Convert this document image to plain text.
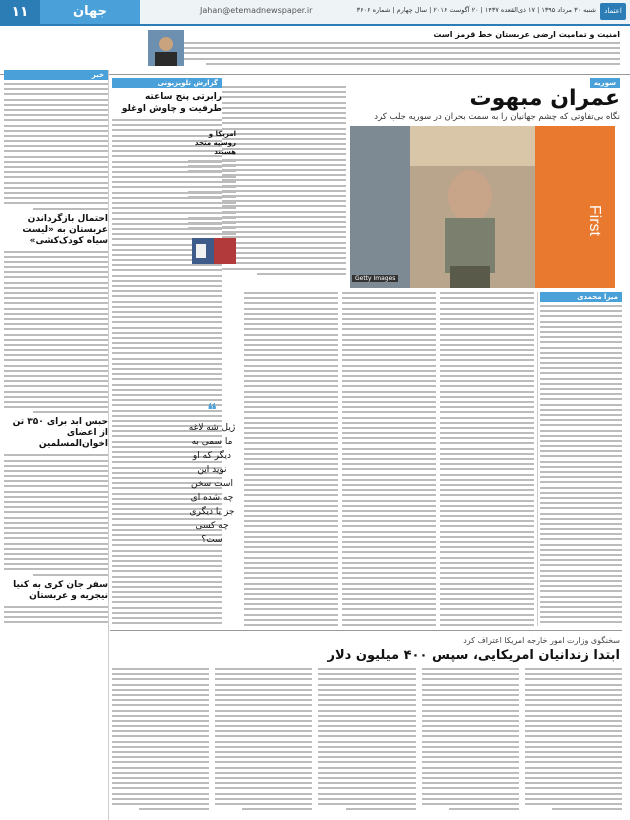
۱۱	جهان	Jahan@etemadnewspaper.ir	شنبه ۳۰ مرداد ۱۳۹۵ | ۱۷ ذی‌القعده ۱۴۳۷ | ۲۰ آگوست ۲۰۱۶ | سال چهارم | شماره ۳۶۰۶	اعتماد
امنیت و تمامیت ارضی عربستان خط قرمز است
سوریه
عمران مبهوت
نگاه بی‌تفاوتی که چشم جهانیان را به سمت بحران در سوریه جلب کرد
First
Getty Images
میزا محمدی
گزارش تلویزیونی
رابرتی پنج ساعته طرفیت و چاوش اوغلو
امریکا و روسیه متحد هستند
❝
ژیل شه لاغه ما سمی به دیگر که او نوید این است سخن چه شده ای جز یا دیگری چه کسی ست؟
خبر
احتمال بازگرداندن عربستان به «لیست سیاه کودک‌کشی»
حبس ابد برای ۳۵۰ تن از اعضای اخوان‌المسلمین
سفر جان کری به کنیا نیجریه و عربستان
سخنگوی وزارت امور خارجه امریکا اعتراف کرد
ابتدا زندانیان امریکایی، سپس ۴۰۰ میلیون دلار
